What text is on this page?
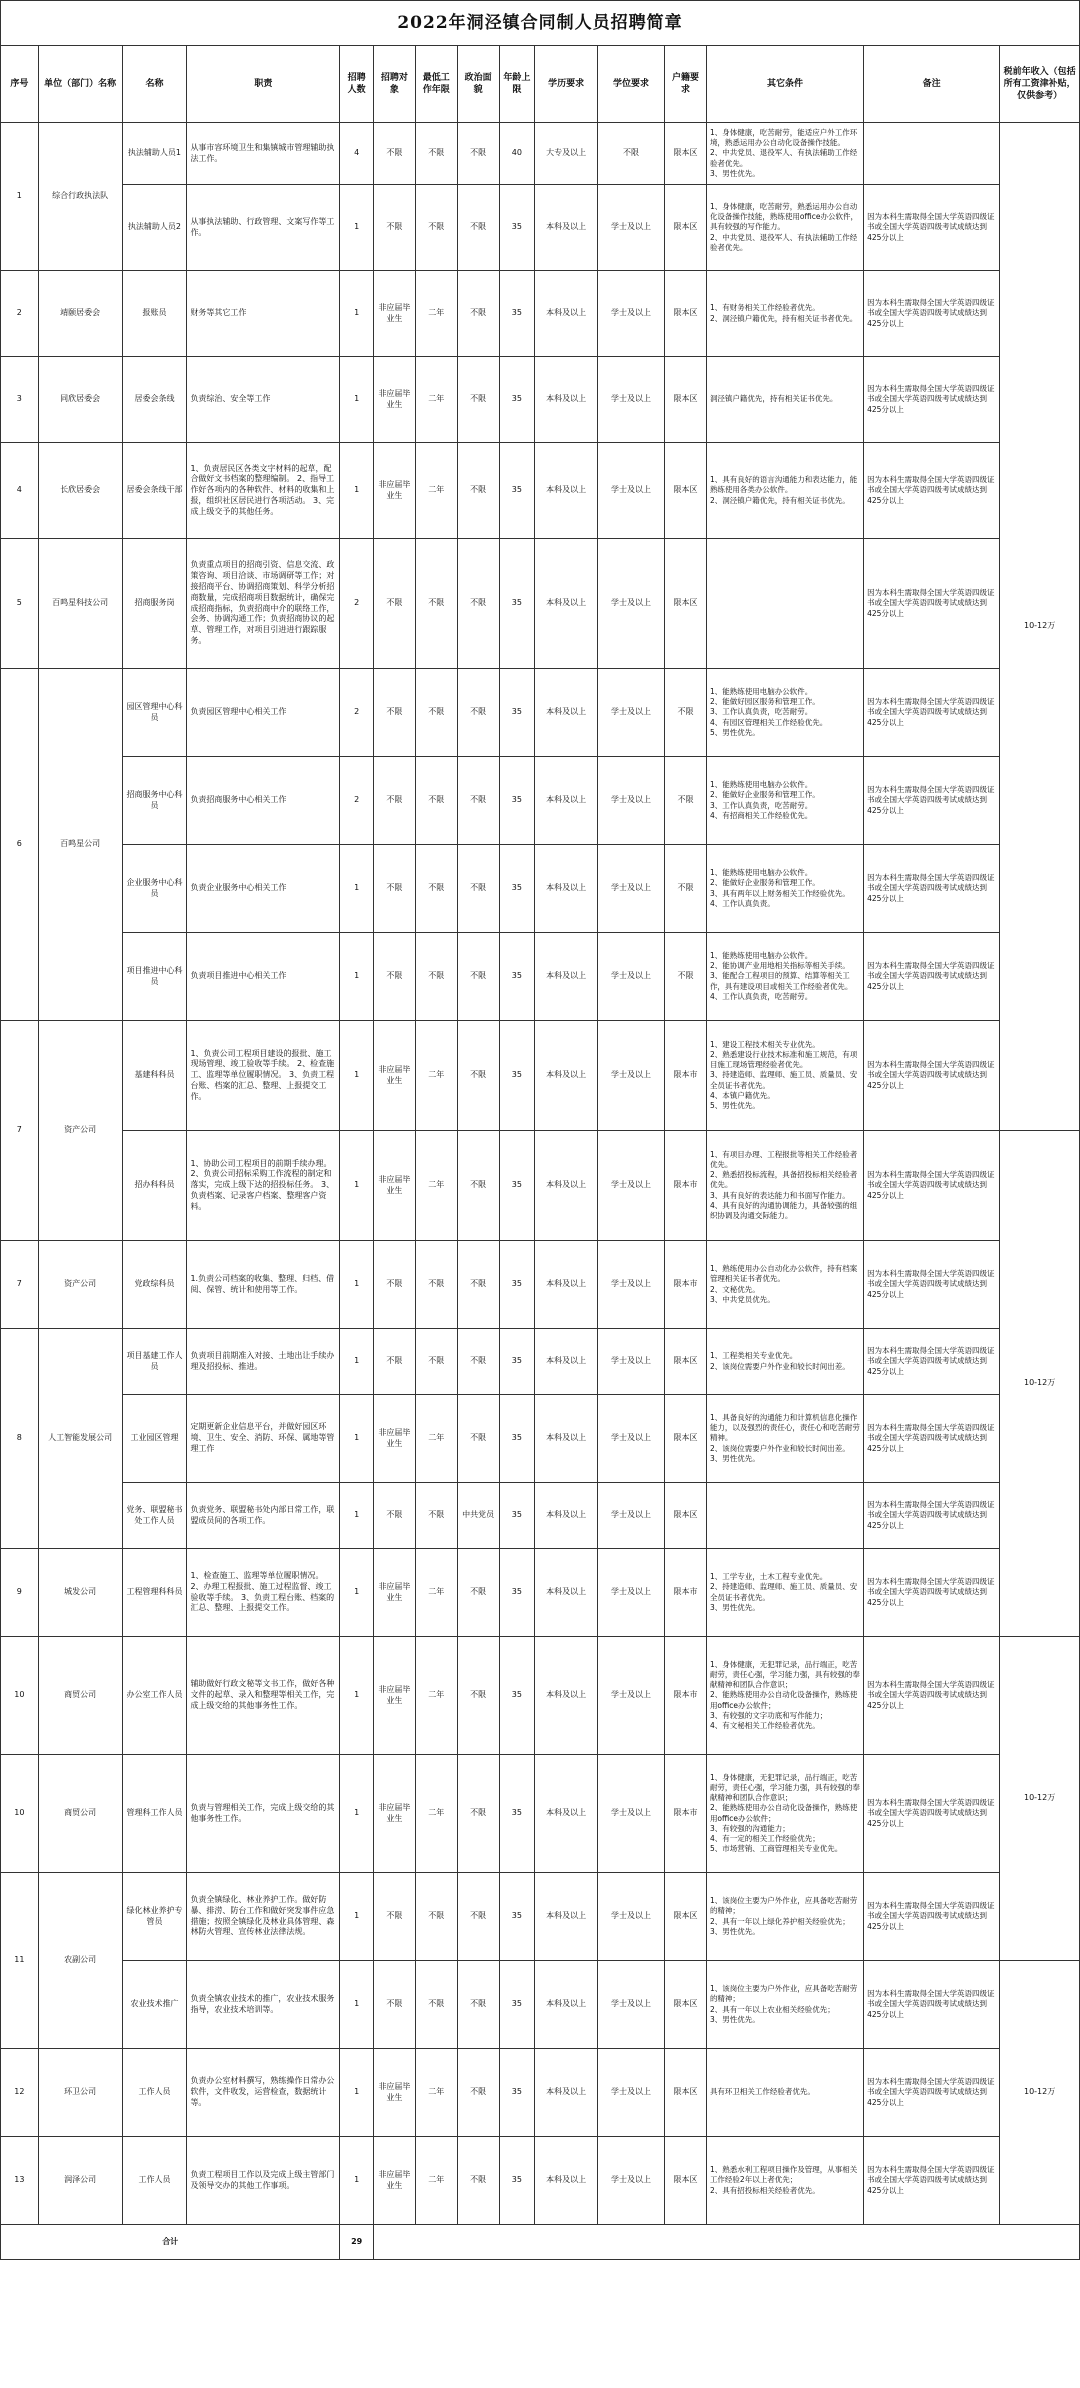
2022年洞泾镇合同制人员招聘简章
序号	单位（部门）名称	名称	职责	招聘人数	招聘对象	最低工作年限	政治面貌	年龄上限	学历要求	学位要求	户籍要求	其它条件	备注	税前年收入（包括所有工资津补贴，仅供参考）
1	综合行政执法队	执法辅助人员1	从事市容环境卫生和集镇城市管理辅助执法工作。	4	不限	不限	不限	40	大专及以上	不限	限本区	1、身体健康，吃苦耐劳，能适应户外工作环境，熟悉运用办公自动化设备操作技能。
2、中共党员、退役军人、有执法辅助工作经验者优先。
3、男性优先。		10-12万
		执法辅助人员2	从事执法辅助、行政管理、文案写作等工作。	1	不限	不限	不限	35	本科及以上	学士及以上	限本区	1、身体健康，吃苦耐劳，熟悉运用办公自动化设备操作技能，熟练使用office办公软件，具有较强的写作能力。
2、中共党员、退役军人、有执法辅助工作经验者优先。	因为本科生需取得全国大学英语四级证书或全国大学英语四级考试成绩达到425分以上	
2	靖颐居委会	报账员	财务等其它工作	1	非应届毕业生	二年	不限	35	本科及以上	学士及以上	限本区	1、有财务相关工作经验者优先。
2、洞泾镇户籍优先，持有相关证书者优先。	因为本科生需取得全国大学英语四级证书或全国大学英语四级考试成绩达到425分以上	
3	同欣居委会	居委会条线	负责综治、安全等工作	1	非应届毕业生	二年	不限	35	本科及以上	学士及以上	限本区	洞泾镇户籍优先，持有相关证书优先。	因为本科生需取得全国大学英语四级证书或全国大学英语四级考试成绩达到425分以上	
4	长欣居委会	居委会条线干部	1、负责居民区各类文字材料的起草，配合做好文书档案的整理编制。 2、指导工作好各项内的各种软件、材料的收集和上报，组织社区居民进行各项活动。 3、完成上级交予的其他任务。	1	非应届毕业生	二年	不限	35	本科及以上	学士及以上	限本区	1、具有良好的语言沟通能力和表达能力，能熟练使用各类办公软件。
2、洞泾镇户籍优先，持有相关证书优先。	因为本科生需取得全国大学英语四级证书或全国大学英语四级考试成绩达到425分以上	
5	百鸣星科技公司	招商服务岗	负责重点项目的招商引资、信息交流、政策咨询、项目洽谈、市场调研等工作；对接招商平台、协调招商策划、科学分析招商数量，完成招商项目数据统计，确保完成招商指标，负责招商中介的联络工作，会务、协调沟通工作；负责招商协议的起草、管理工作，对项目引进进行跟踪服务。	2	不限	不限	不限	35	本科及以上	学士及以上	限本区		因为本科生需取得全国大学英语四级证书或全国大学英语四级考试成绩达到425分以上	
6	百鸣星公司	园区管理中心科员	负责园区管理中心相关工作	2	不限	不限	不限	35	本科及以上	学士及以上	不限	1、能熟练使用电脑办公软件。
2、能做好园区服务和管理工作。
3、工作认真负责，吃苦耐劳。
4、有园区管理相关工作经验优先。
5、男性优先。	因为本科生需取得全国大学英语四级证书或全国大学英语四级考试成绩达到425分以上	
		招商服务中心科员	负责招商服务中心相关工作	2	不限	不限	不限	35	本科及以上	学士及以上	不限	1、能熟练使用电脑办公软件。
2、能做好企业服务和管理工作。
3、工作认真负责，吃苦耐劳。
4、有招商相关工作经验优先。	因为本科生需取得全国大学英语四级证书或全国大学英语四级考试成绩达到425分以上	
		企业服务中心科员	负责企业服务中心相关工作	1	不限	不限	不限	35	本科及以上	学士及以上	不限	1、能熟练使用电脑办公软件。
2、能做好企业服务和管理工作。
3、具有两年以上财务相关工作经验优先。
4、工作认真负责。	因为本科生需取得全国大学英语四级证书或全国大学英语四级考试成绩达到425分以上	
		项目推进中心科员	负责项目推进中心相关工作	1	不限	不限	不限	35	本科及以上	学士及以上	不限	1、能熟练使用电脑办公软件。
2、能协调产业用地相关指标等相关手续。
3、能配合工程项目的预算、结算等相关工作，具有建设项目或相关工作经验者优先。
4、工作认真负责，吃苦耐劳。	因为本科生需取得全国大学英语四级证书或全国大学英语四级考试成绩达到425分以上	
7	资产公司	基建科科员	1、负责公司工程项目建设的报批、施工现场管理、竣工验收等手续。 2、检查施工、监理等单位履职情况。 3、负责工程台账、档案的汇总、整理、上报提交工作。	1	非应届毕业生	二年	不限	35	本科及以上	学士及以上	限本市	1、建设工程技术相关专业优先。
2、熟悉建设行业技术标准和施工规范，有项目施工现场管理经验者优先。
3、持建造师、监理师、施工员、质量员、安全员证书者优先。
4、本镇户籍优先。
5、男性优先。	因为本科生需取得全国大学英语四级证书或全国大学英语四级考试成绩达到425分以上	
		招办科科员	1、协助公司工程项目的前期手续办理。 2、负责公司招标采购工作流程的制定和落实，完成上级下达的招投标任务。 3、负责档案、记录客户档案、整理客户资料。	1	非应届毕业生	二年	不限	35	本科及以上	学士及以上	限本市	1、有项目办理、工程报批等相关工作经验者优先。
2、熟悉招投标流程，具备招投标相关经验者优先。
3、具有良好的表达能力和书面写作能力。
4、具有良好的沟通协调能力，具备较强的组织协调及沟通交际能力。	因为本科生需取得全国大学英语四级证书或全国大学英语四级考试成绩达到425分以上	10-12万
7	资产公司	党政综科员	1.负责公司档案的收集、整理、归档、借阅、保管、统计和使用等工作。	1	不限	不限	不限	35	本科及以上	学士及以上	限本市	1、熟练使用办公自动化办公软件，持有档案管理相关证书者优先。
2、文秘优先。
3、中共党员优先。	因为本科生需取得全国大学英语四级证书或全国大学英语四级考试成绩达到425分以上	
8	人工智能发展公司	项目基建工作人员	负责项目前期准入对接、土地出让手续办理及招投标、推进。	1	不限	不限	不限	35	本科及以上	学士及以上	限本区	1、工程类相关专业优先。
2、该岗位需要户外作业和较长时间出差。	因为本科生需取得全国大学英语四级证书或全国大学英语四级考试成绩达到425分以上	
		工业园区管理	定期更新企业信息平台，并做好园区环境、卫生、安全、消防、环保、属地等管理工作	1	非应届毕业生	二年	不限	35	本科及以上	学士及以上	限本区	1、具备良好的沟通能力和计算机信息化操作能力，以及强烈的责任心，责任心和吃苦耐劳精神。
2、该岗位需要户外作业和较长时间出差。
3、男性优先。	因为本科生需取得全国大学英语四级证书或全国大学英语四级考试成绩达到425分以上	
		党务、联盟秘书处工作人员	负责党务、联盟秘书处内部日常工作，联盟成员间的各项工作。	1	不限	不限	中共党员	35	本科及以上	学士及以上	限本区		因为本科生需取得全国大学英语四级证书或全国大学英语四级考试成绩达到425分以上	
9	城发公司	工程管理科科员	1、检查施工、监理等单位履职情况。 2、办理工程报批、施工过程监督、竣工验收等手续。 3、负责工程台账、档案的汇总、整理、上报提交工作。	1	非应届毕业生	二年	不限	35	本科及以上	学士及以上	限本市	1、工学专业，土木工程专业优先。
2、持建造师、监理师、施工员、质量员、安全员证书者优先。
3、男性优先。	因为本科生需取得全国大学英语四级证书或全国大学英语四级考试成绩达到425分以上	
10	商贸公司	办公室工作人员	辅助做好行政文秘等文书工作，做好各种文件的起草、录入和整理等相关工作，完成上级交给的其他事务性工作。	1	非应届毕业生	二年	不限	35	本科及以上	学士及以上	限本市	1、身体健康，无犯罪记录，品行端正，吃苦耐劳，责任心强，学习能力强，具有较强的奉献精神和团队合作意识；
2、能熟练使用办公自动化设备操作，熟练使用office办公软件；
3、有较强的文字功底和写作能力；
4、有文秘相关工作经验者优先。	因为本科生需取得全国大学英语四级证书或全国大学英语四级考试成绩达到425分以上	10-12万
10	商贸公司	管理科工作人员	负责与管理相关工作，完成上级交给的其他事务性工作。	1	非应届毕业生	二年	不限	35	本科及以上	学士及以上	限本市	1、身体健康，无犯罪记录，品行端正，吃苦耐劳，责任心强，学习能力强，具有较强的奉献精神和团队合作意识；
2、能熟练使用办公自动化设备操作，熟练使用office办公软件；
3、有较强的沟通能力；
4、有一定的相关工作经验优先；
5、市场营销、工商管理相关专业优先。	因为本科生需取得全国大学英语四级证书或全国大学英语四级考试成绩达到425分以上	
11	农副公司	绿化林业养护专管员	负责全镇绿化、林业养护工作。做好防暴、排涝、防台工作和做好突发事件应急措施；按照全镇绿化及林业具体管理、森林防火管理、宣传林业法律法规。	1	不限	不限	不限	35	本科及以上	学士及以上	限本区	1、该岗位主要为户外作业，应具备吃苦耐劳的精神；
2、具有一年以上绿化养护相关经验优先；
3、男性优先。	因为本科生需取得全国大学英语四级证书或全国大学英语四级考试成绩达到425分以上	
		农业技术推广	负责全镇农业技术的推广，农业技术服务指导，农业技术培训等。	1	不限	不限	不限	35	本科及以上	学士及以上	限本区	1、该岗位主要为户外作业，应具备吃苦耐劳的精神；
2、具有一年以上农业相关经验优先；
3、男性优先。	因为本科生需取得全国大学英语四级证书或全国大学英语四级考试成绩达到425分以上	10-12万
12	环卫公司	工作人员	负责办公室材料撰写，熟练操作日常办公软件，文件收发，运营检查，数据统计等。	1	非应届毕业生	二年	不限	35	本科及以上	学士及以上	限本区	具有环卫相关工作经验者优先。	因为本科生需取得全国大学英语四级证书或全国大学英语四级考试成绩达到425分以上	
13	润泽公司	工作人员	负责工程项目工作以及完成上级主管部门及领导交办的其他工作事项。	1	非应届毕业生	二年	不限	35	本科及以上	学士及以上	限本区	1、熟悉水利工程项目操作及管理，从事相关工作经验2年以上者优先；
2、具有招投标相关经验者优先。	因为本科生需取得全国大学英语四级证书或全国大学英语四级考试成绩达到425分以上	
合计				29										
